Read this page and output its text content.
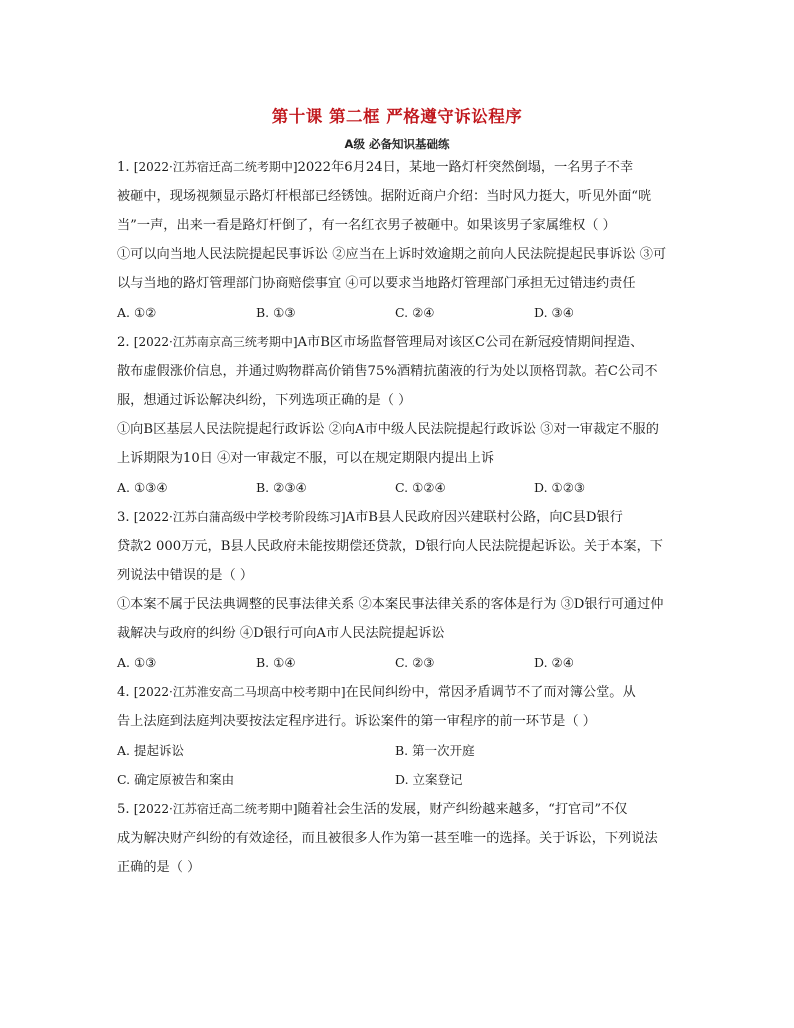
第十课 第二框 严格遵守诉讼程序
A级 必备知识基础练
1. [2022·江苏宿迁高二统考期中]2022年6月24日，某地一路灯杆突然倒塌，一名男子不幸
被砸中，现场视频显示路灯杆根部已经锈蚀。据附近商户介绍：当时风力挺大，听见外面“咣
当”一声，出来一看是路灯杆倒了，有一名红衣男子被砸中。如果该男子家属维权（ ）
①可以向当地人民法院提起民事诉讼 ②应当在上诉时效逾期之前向人民法院提起民事诉讼 ③可
以与当地的路灯管理部门协商赔偿事宜 ④可以要求当地路灯管理部门承担无过错违约责任
A. ①②	B. ①③	C. ②④	D. ③④
2. [2022·江苏南京高三统考期中]A市B区市场监督管理局对该区C公司在新冠疫情期间捏造、
散布虚假涨价信息，并通过购物群高价销售75%酒精抗菌液的行为处以顶格罚款。若C公司不
服，想通过诉讼解决纠纷，下列选项正确的是（ ）
①向B区基层人民法院提起行政诉讼 ②向A市中级人民法院提起行政诉讼 ③对一审裁定不服的
上诉期限为10日 ④对一审裁定不服，可以在规定期限内提出上诉
A. ①③④	B. ②③④	C. ①②④	D. ①②③
3. [2022·江苏白蒲高级中学校考阶段练习]A市B县人民政府因兴建联村公路，向C县D银行
贷款2 000万元，B县人民政府未能按期偿还贷款，D银行向人民法院提起诉讼。关于本案，下
列说法中错误的是（ ）
①本案不属于民法典调整的民事法律关系 ②本案民事法律关系的客体是行为 ③D银行可通过仲
裁解决与政府的纠纷 ④D银行可向A市人民法院提起诉讼
A. ①③	B. ①④	C. ②③	D. ②④
4. [2022·江苏淮安高二马坝高中校考期中]在民间纠纷中，常因矛盾调节不了而对簿公堂。从
告上法庭到法庭判决要按法定程序进行。诉讼案件的第一审程序的前一环节是（ ）
A. 提起诉讼	B. 第一次开庭
C. 确定原被告和案由	D. 立案登记
5. [2022·江苏宿迁高二统考期中]随着社会生活的发展，财产纠纷越来越多，“打官司”不仅
成为解决财产纠纷的有效途径，而且被很多人作为第一甚至唯一的选择。关于诉讼，下列说法
正确的是（ ）
